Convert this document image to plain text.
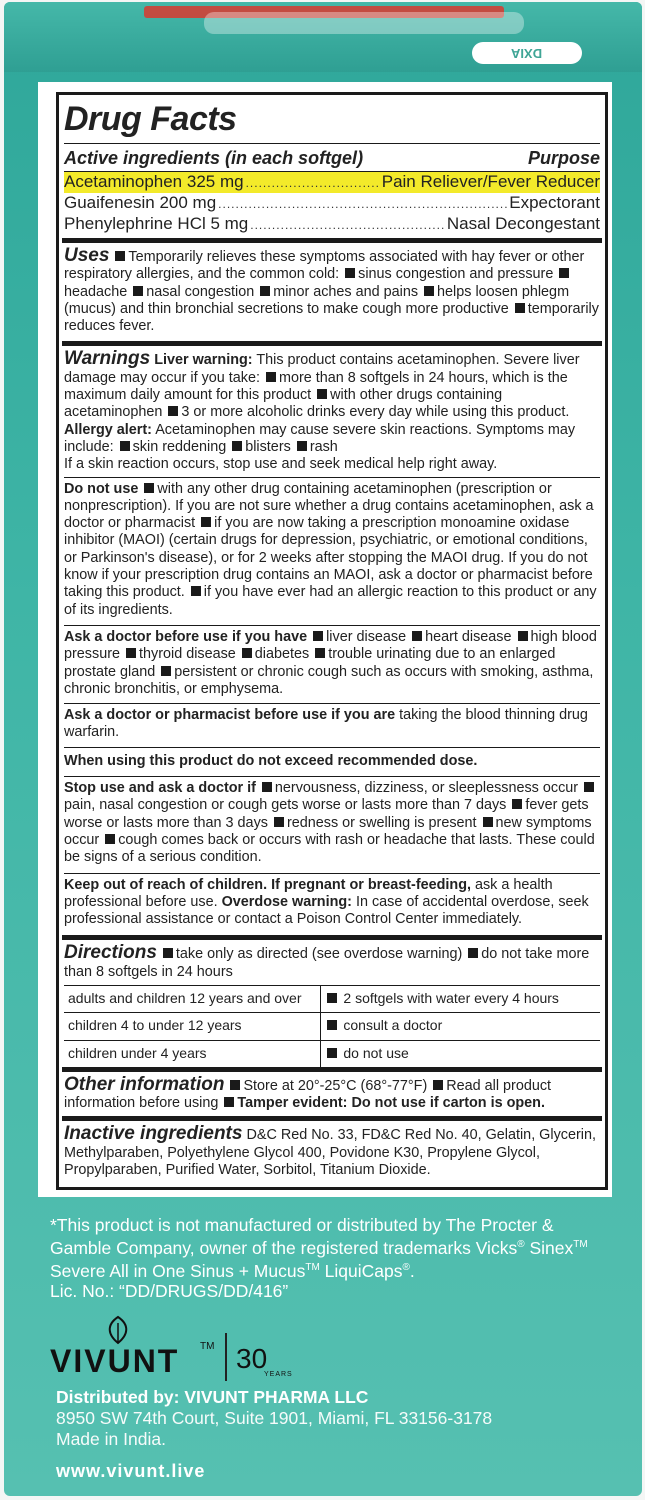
DXIA
Drug Facts
Active ingredients (in each softgel)	Purpose
Acetaminophen 325 mg .....	Pain Reliever/Fever Reducer
Guaifenesin 200 mg .....	Expectorant
Phenylephrine HCl 5 mg .....	Nasal Decongestant
Uses Temporarily relieves these symptoms associated with hay fever or other respiratory allergies, and the common cold: sinus congestion and pressure headache nasal congestion minor aches and pains helps loosen phlegm (mucus) and thin bronchial secretions to make cough more productive temporarily reduces fever.
Warnings Liver warning: This product contains acetaminophen. Severe liver damage may occur if you take: more than 8 softgels in 24 hours, which is the maximum daily amount for this product with other drugs containing acetaminophen 3 or more alcoholic drinks every day while using this product.
Allergy alert: Acetaminophen may cause severe skin reactions. Symptoms may include: skin reddening blisters rash
If a skin reaction occurs, stop use and seek medical help right away.
Do not use with any other drug containing acetaminophen (prescription or nonprescription). If you are not sure whether a drug contains acetaminophen, ask a doctor or pharmacist if you are now taking a prescription monoamine oxidase inhibitor (MAOI) (certain drugs for depression, psychiatric, or emotional conditions, or Parkinson's disease), or for 2 weeks after stopping the MAOI drug. If you do not know if your prescription drug contains an MAOI, ask a doctor or pharmacist before taking this product. if you have ever had an allergic reaction to this product or any of its ingredients.
Ask a doctor before use if you have liver disease heart disease high blood pressure thyroid disease diabetes trouble urinating due to an enlarged prostate gland persistent or chronic cough such as occurs with smoking, asthma, chronic bronchitis, or emphysema.
Ask a doctor or pharmacist before use if you are taking the blood thinning drug warfarin.
When using this product do not exceed recommended dose.
Stop use and ask a doctor if nervousness, dizziness, or sleeplessness occur pain, nasal congestion or cough gets worse or lasts more than 7 days fever gets worse or lasts more than 3 days redness or swelling is present new symptoms occur cough comes back or occurs with rash or headache that lasts. These could be signs of a serious condition.
Keep out of reach of children. If pregnant or breast-feeding, ask a health professional before use. Overdose warning: In case of accidental overdose, seek professional assistance or contact a Poison Control Center immediately.
Directions take only as directed (see overdose warning) do not take more than 8 softgels in 24 hours
adults and children 12 years and over	2 softgels with water every 4 hours
children 4 to under 12 years	consult a doctor
children under 4 years	do not use
Other information Store at 20°-25°C (68°-77°F) Read all product information before using Tamper evident: Do not use if carton is open.
Inactive ingredients D&C Red No. 33, FD&C Red No. 40, Gelatin, Glycerin, Methylparaben, Polyethylene Glycol 400, Povidone K30, Propylene Glycol, Propylparaben, Purified Water, Sorbitol, Titanium Dioxide.
*This product is not manufactured or distributed by The Procter & Gamble Company, owner of the registered trademarks Vicks® Sinex™ Severe All in One Sinus + Mucus™ LiquiCaps®.
Lic. No.: “DD/DRUGS/DD/416”
VIVUNT TM 30
YEARS
Distributed by: VIVUNT PHARMA LLC
8950 SW 74th Court, Suite 1901, Miami, FL 33156-3178
Made in India.
www.vivunt.live
